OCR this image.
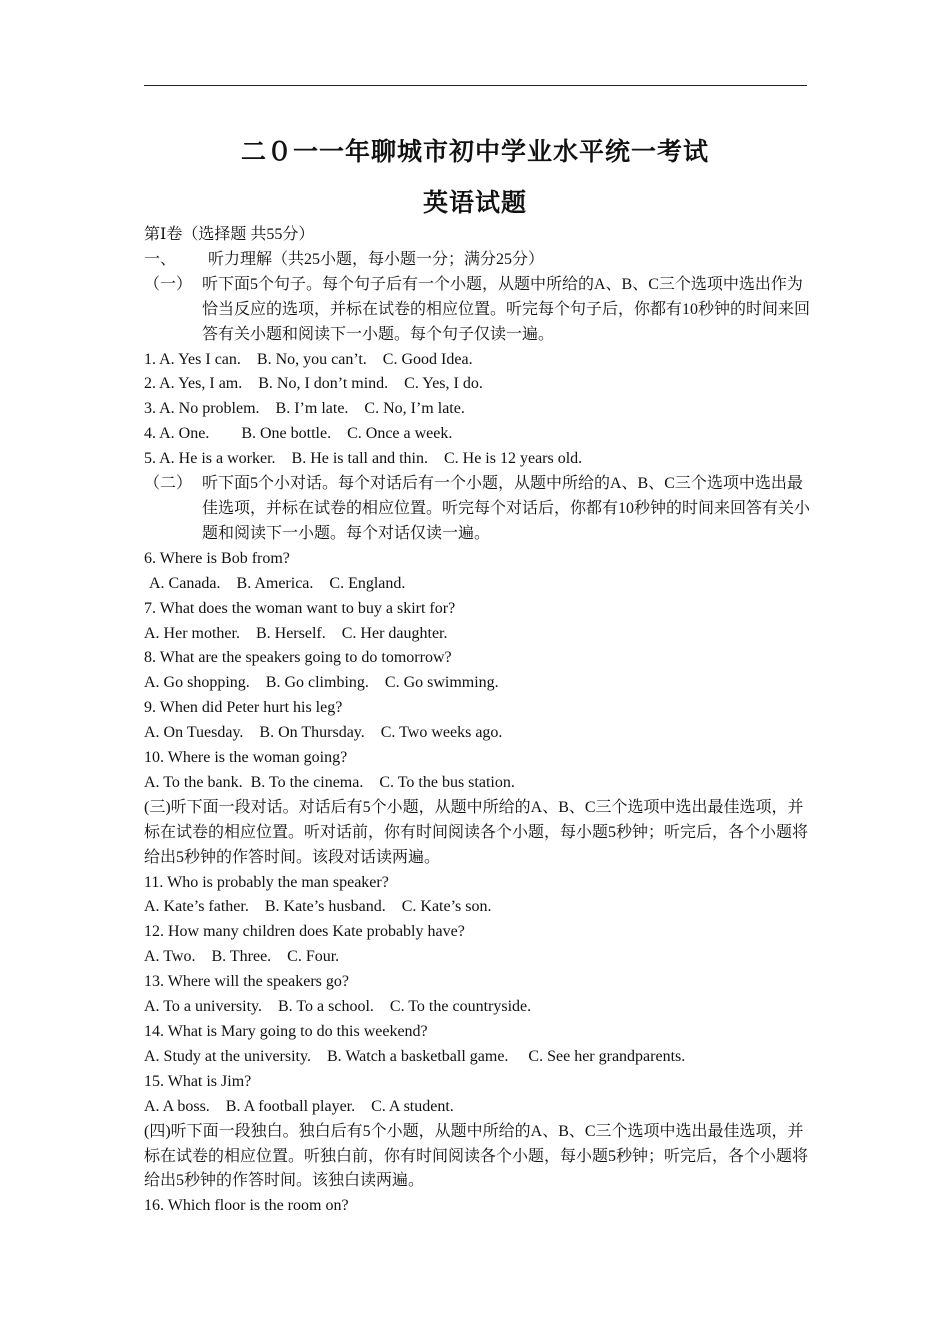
二０一一年聊城市初中学业水平统一考试
英语试题
第Ⅰ卷（选择题 共55分）
一、        听力理解（共25小题，每小题一分；满分25分）
（一） 听下面5个句子。每个句子后有一个小题，从题中所给的A、B、C三个选项中选出作为恰当反应的选项，并标在试卷的相应位置。听完每个句子后，你都有10秒钟的时间来回答有关小题和阅读下一小题。每个句子仅读一遍。
1. A. Yes I can.    B. No, you can’t.    C. Good Idea.
2. A. Yes, I am.    B. No, I don’t mind.    C. Yes, I do.
3. A. No problem.    B. I’m late.    C. No, I’m late.
4. A. One.        B. One bottle.    C. Once a week.
5. A. He is a worker.    B. He is tall and thin.    C. He is 12 years old.
（二） 听下面5个小对话。每个对话后有一个小题，从题中所给的A、B、C三个选项中选出最佳选项，并标在试卷的相应位置。听完每个对话后，你都有10秒钟的时间来回答有关小题和阅读下一小题。每个对话仅读一遍。
6. Where is Bob from?
A. Canada.    B. America.    C. England.
7. What does the woman want to buy a skirt for?
A. Her mother.    B. Herself.    C. Her daughter.
8. What are the speakers going to do tomorrow?
A. Go shopping.    B. Go climbing.    C. Go swimming.
9. When did Peter hurt his leg?
A. On Tuesday.    B. On Thursday.    C. Two weeks ago.
10. Where is the woman going?
A. To the bank.  B. To the cinema.    C. To the bus station.
(三)听下面一段对话。对话后有5个小题，从题中所给的A、B、C三个选项中选出最佳选项，并标在试卷的相应位置。听对话前，你有时间阅读各个小题，每小题5秒钟；听完后，各个小题将给出5秒钟的作答时间。该段对话读两遍。
11. Who is probably the man speaker?
A. Kate’s father.    B. Kate’s husband.    C. Kate’s son.
12. How many children does Kate probably have?
A. Two.    B. Three.    C. Four.
13. Where will the speakers go?
A. To a university.    B. To a school.    C. To the countryside.
14. What is Mary going to do this weekend?
A. Study at the university.    B. Watch a basketball game.     C. See her grandparents.
15. What is Jim?
A. A boss.    B. A football player.    C. A student.
(四)听下面一段独白。独白后有5个小题，从题中所给的A、B、C三个选项中选出最佳选项，并标在试卷的相应位置。听独白前，你有时间阅读各个小题，每小题5秒钟；听完后，各个小题将给出5秒钟的作答时间。该独白读两遍。
16. Which floor is the room on?
